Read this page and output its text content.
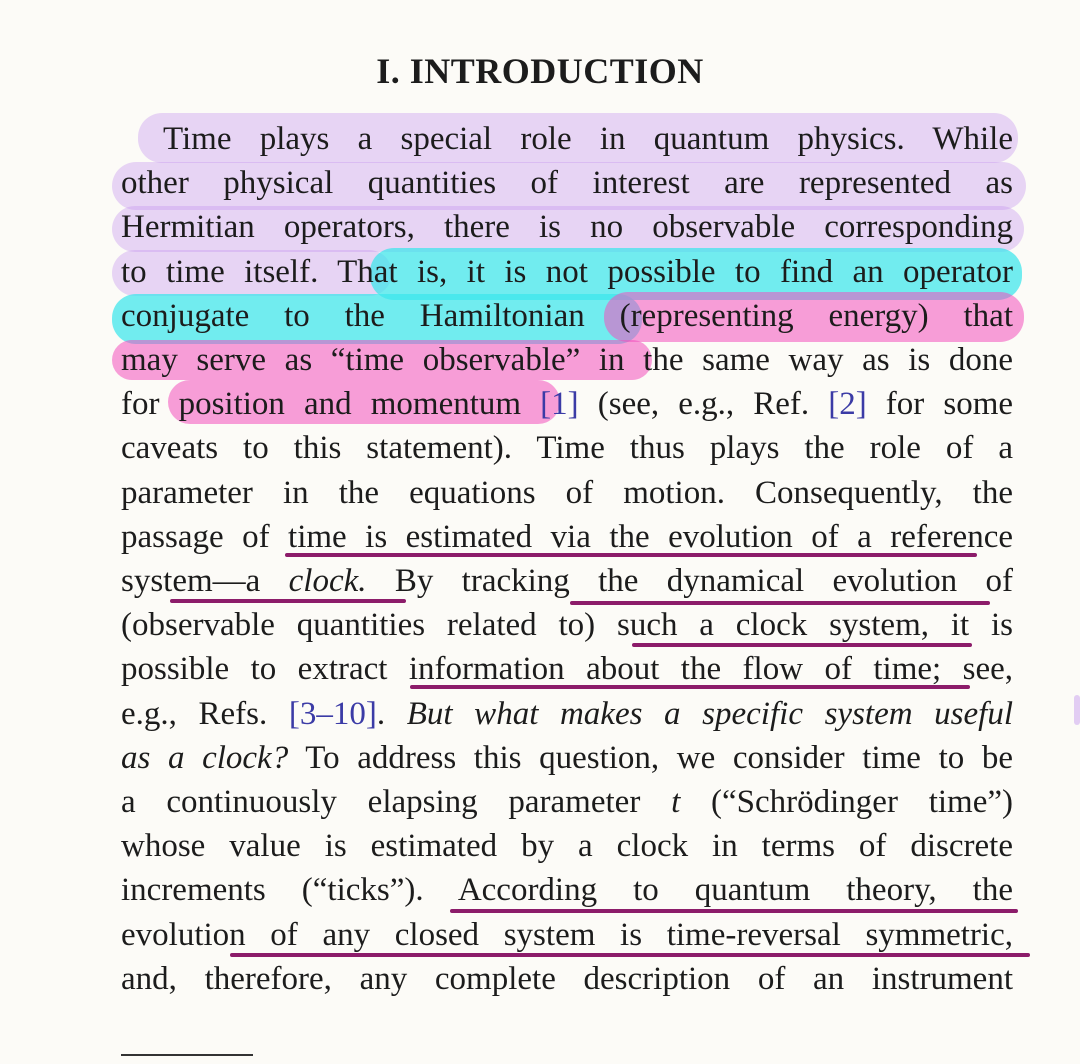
I. INTRODUCTION
Time plays a special role in quantum physics. While
other physical quantities of interest are represented as
Hermitian operators, there is no observable corresponding
to time itself. That is, it is not possible to find an operator
conjugate to the Hamiltonian (representing energy) that
may serve as “time observable” in the same way as is done
for position and momentum [1] (see, e.g., Ref. [2] for some
caveats to this statement). Time thus plays the role of a
parameter in the equations of motion. Consequently, the
passage of time is estimated via the evolution of a reference
system—a clock. By tracking the dynamical evolution of
(observable quantities related to) such a clock system, it is
possible to extract information about the flow of time; see,
e.g., Refs. [3–10]. But what makes a specific system useful
as a clock? To address this question, we consider time to be
a continuously elapsing parameter t (“Schrödinger time”)
whose value is estimated by a clock in terms of discrete
increments (“ticks”). According to quantum theory, the
evolution of any closed system is time-reversal symmetric,
and, therefore, any complete description of an instrument
